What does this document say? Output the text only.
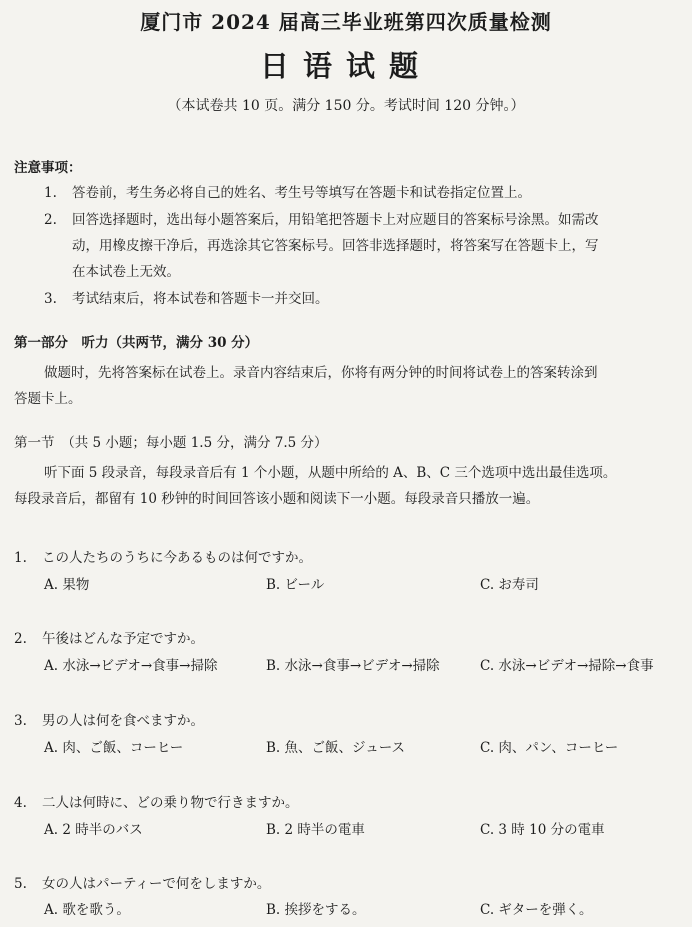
厦门市 2024 届高三毕业班第四次质量检测
日语试题
（本试卷共 10 页。满分 150 分。考试时间 120 分钟。）
注意事项：
1. 答卷前，考生务必将自己的姓名、考生号等填写在答题卡和试卷指定位置上。
2. 回答选择题时，选出每小题答案后，用铅笔把答题卡上对应题目的答案标号涂黑。如需改
动，用橡皮擦干净后，再选涂其它答案标号。回答非选择题时，将答案写在答题卡上，写
在本试卷上无效。
3. 考试结束后，将本试卷和答题卡一并交回。
第一部分　听力（共两节，满分 30 分）
做题时，先将答案标在试卷上。录音内容结束后，你将有两分钟的时间将试卷上的答案转涂到
答题卡上。
第一节　（共 5 小题；每小题 1.5 分，满分 7.5 分）
听下面 5 段录音，每段录音后有 1 个小题，从题中所给的 A、B、C 三个选项中选出最佳选项。
每段录音后，都留有 10 秒钟的时间回答该小题和阅读下一小题。每段录音只播放一遍。
1. この人たちのうちに今あるものは何ですか。
A. 果物	B. ビール	C. お寿司
2. 午後はどんな予定ですか。
A. 水泳→ビデオ→食事→掃除	B. 水泳→食事→ビデオ→掃除	C. 水泳→ビデオ→掃除→食事
3. 男の人は何を食べますか。
A. 肉、ご飯、コーヒー	B. 魚、ご飯、ジュース	C. 肉、パン、コーヒー
4. 二人は何時に、どの乗り物で行きますか。
A. 2 時半のバス	B. 2 時半の電車	C. 3 時 10 分の電車
5. 女の人はパーティーで何をしますか。
A. 歌を歌う。	B. 挨拶をする。	C. ギターを弾く。
